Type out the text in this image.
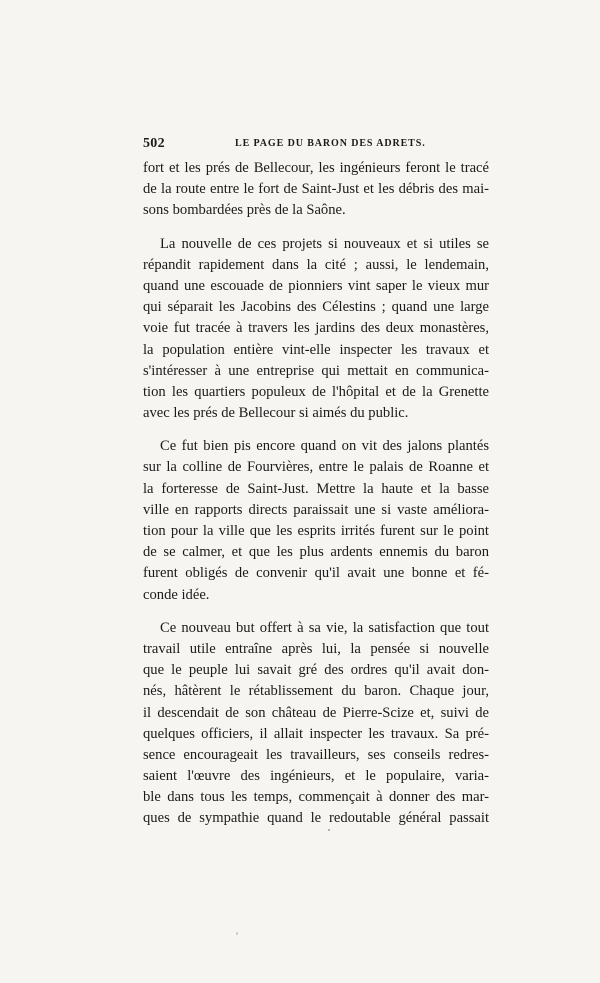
502	LE PAGE DU BARON DES ADRETS.
fort et les prés de Bellecour, les ingénieurs feront le tracé
de la route entre le fort de Saint-Just et les débris des mai-
sons bombardées près de la Saône.
La nouvelle de ces projets si nouveaux et si utiles se
répandit rapidement dans la cité ; aussi, le lendemain,
quand une escouade de pionniers vint saper le vieux mur
qui séparait les Jacobins des Célestins ; quand une large
voie fut tracée à travers les jardins des deux monastères,
la population entière vint-elle inspecter les travaux et
s'intéresser à une entreprise qui mettait en communica-
tion les quartiers populeux de l'hôpital et de la Grenette
avec les prés de Bellecour si aimés du public.
Ce fut bien pis encore quand on vit des jalons plantés
sur la colline de Fourvières, entre le palais de Roanne et
la forteresse de Saint-Just. Mettre la haute et la basse
ville en rapports directs paraissait une si vaste améliora-
tion pour la ville que les esprits irrités furent sur le point
de se calmer, et que les plus ardents ennemis du baron
furent obligés de convenir qu'il avait une bonne et fé-
conde idée.
Ce nouveau but offert à sa vie, la satisfaction que tout
travail utile entraîne après lui, la pensée si nouvelle
que le peuple lui savait gré des ordres qu'il avait don-
nés, hâtèrent le rétablissement du baron. Chaque jour,
il descendait de son château de Pierre-Scize et, suivi de
quelques officiers, il allait inspecter les travaux. Sa pré-
sence encourageait les travailleurs, ses conseils redres-
saient l'œuvre des ingénieurs, et le populaire, varia-
ble dans tous les temps, commençait à donner des mar-
ques de sympathie quand le redoutable général passait
